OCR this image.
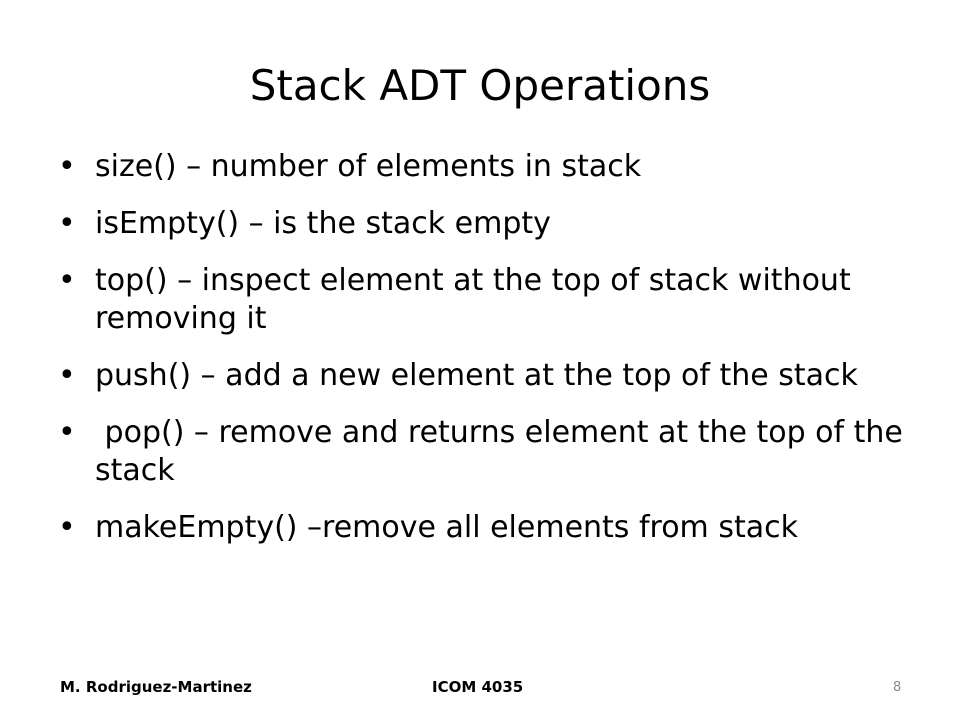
Stack ADT Operations
• size() – number of elements in stack
• isEmpty() – is the stack empty
• top() – inspect element at the top of stack without removing it
• push() – add a new element at the top of the stack
• pop() – remove and returns element at the top of the stack
• makeEmpty() –remove all elements from stack
M. Rodriguez-Martinez	ICOM 4035	8
